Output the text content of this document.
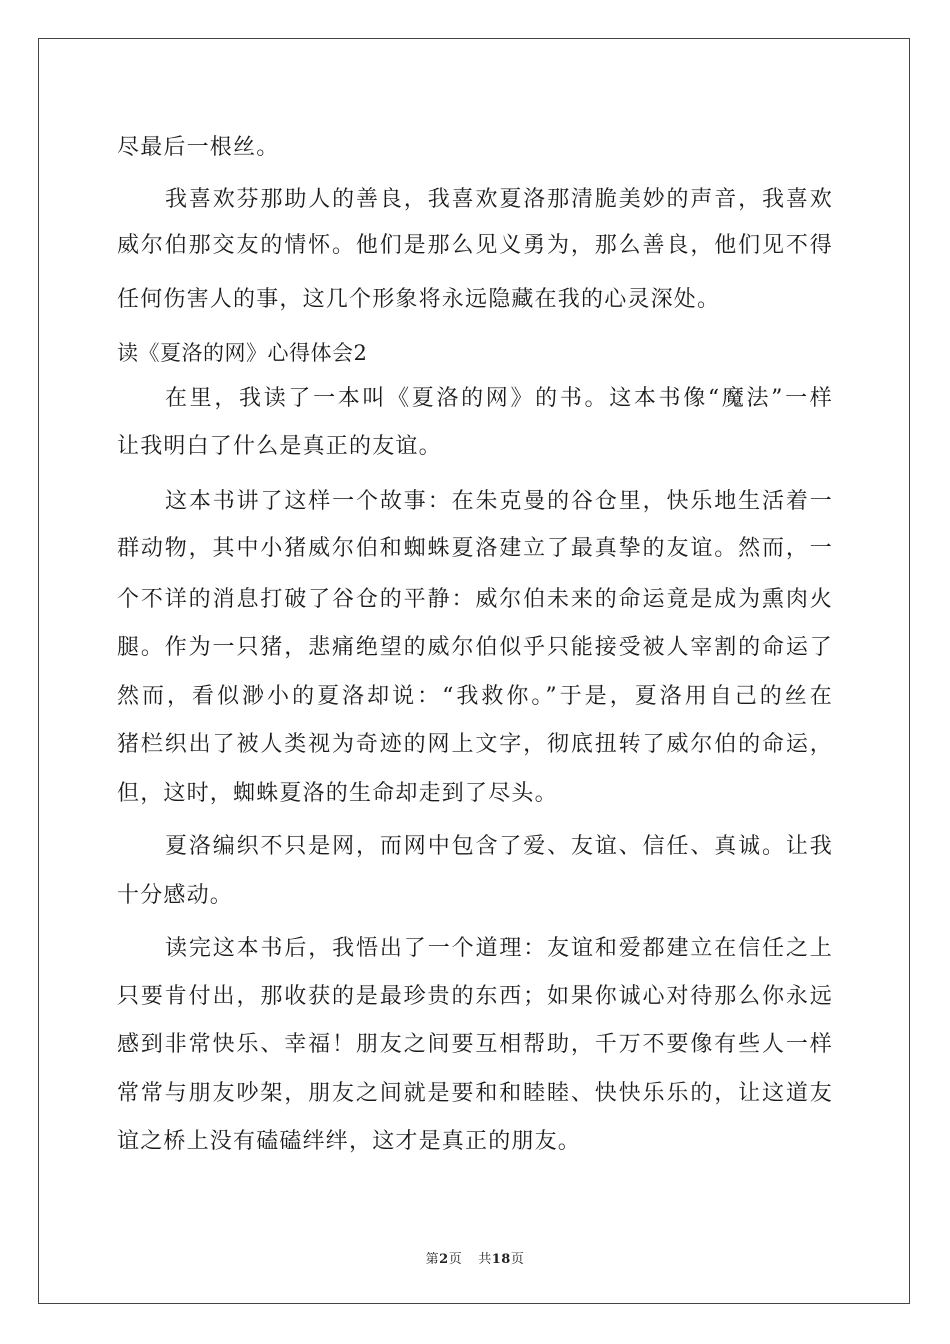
尽最后一根丝。
我喜欢芬那助人的善良，我喜欢夏洛那清脆美妙的声音，我喜欢
威尔伯那交友的情怀。他们是那么见义勇为，那么善良，他们见不得
任何伤害人的事，这几个形象将永远隐藏在我的心灵深处。
读《夏洛的网》心得体会2
在里，我读了一本叫《夏洛的网》的书。这本书像“魔法”一样
让我明白了什么是真正的友谊。
这本书讲了这样一个故事：在朱克曼的谷仓里，快乐地生活着一
群动物，其中小猪威尔伯和蜘蛛夏洛建立了最真挚的友谊。然而，一
个不详的消息打破了谷仓的平静：威尔伯未来的命运竟是成为熏肉火
腿。作为一只猪，悲痛绝望的威尔伯似乎只能接受被人宰割的命运了
然而，看似渺小的夏洛却说：“我救你。”于是，夏洛用自己的丝在
猪栏织出了被人类视为奇迹的网上文字，彻底扭转了威尔伯的命运，
但，这时，蜘蛛夏洛的生命却走到了尽头。
夏洛编织不只是网，而网中包含了爱、友谊、信任、真诚。让我
十分感动。
读完这本书后，我悟出了一个道理：友谊和爱都建立在信任之上
只要肯付出，那收获的是最珍贵的东西；如果你诚心对待那么你永远
感到非常快乐、幸福！朋友之间要互相帮助，千万不要像有些人一样
常常与朋友吵架，朋友之间就是要和和睦睦、快快乐乐的，让这道友
谊之桥上没有磕磕绊绊，这才是真正的朋友。
第2页 共18页
